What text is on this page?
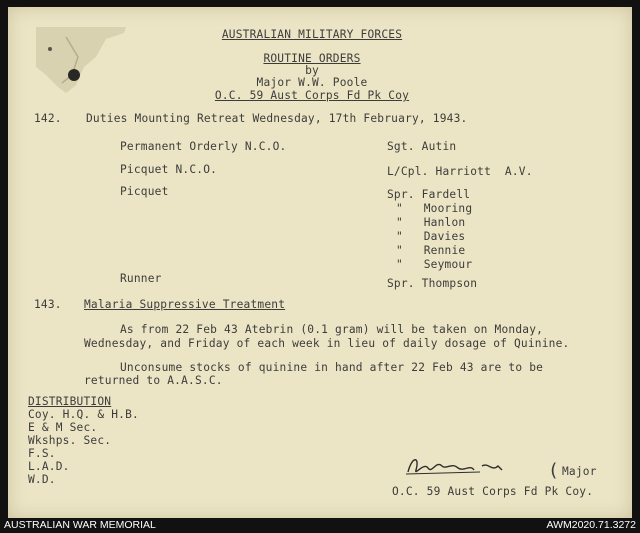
AUSTRALIAN MILITARY FORCES
ROUTINE ORDERS
by
Major W.W. Poole
O.C. 59 Aust Corps Fd Pk Coy
142. Duties Mounting Retreat Wednesday, 17th February, 1943.
Permanent Orderly N.C.O.	Sgt. Autin
Picquet N.C.O.	L/Cpl. Harriott  A.V.
Picquet	Spr. Fardell
"   Mooring
"   Hanlon
"   Davies
"   Rennie
"   Seymour
Runner	Spr. Thompson
143. Malaria Suppressive Treatment
As from 22 Feb 43 Atebrin (0.1 gram) will be taken on Monday,
Wednesday, and Friday of each week in lieu of daily dosage of Quinine.
Unconsume stocks of quinine in hand after 22 Feb 43 are to be
returned to A.A.S.C.
DISTRIBUTION
Coy. H.Q. & H.B.
E & M Sec.
Wkshps. Sec.
F.S.
L.A.D.
W.D.	( Major
O.C. 59 Aust Corps Fd Pk Coy.
AUSTRALIAN WAR MEMORIAL	AWM2020.71.3272
